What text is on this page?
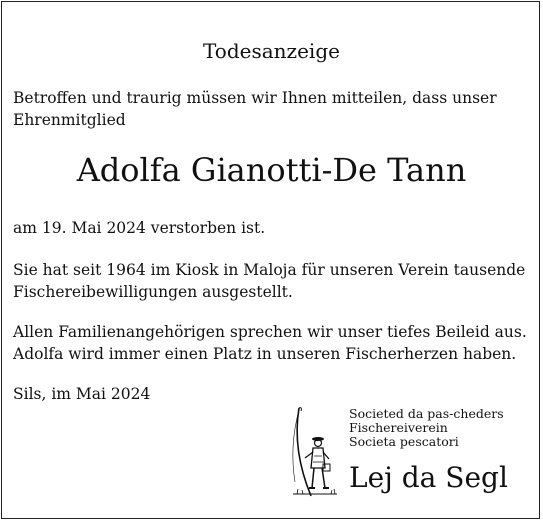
Todesanzeige
Betroffen und traurig müssen wir Ihnen mitteilen, dass unser
Ehrenmitglied
Adolfa Gianotti-De Tann
am 19. Mai 2024 verstorben ist.
Sie hat seit 1964 im Kiosk in Maloja für unseren Verein tausende
Fischereibewilligungen ausgestellt.
Allen Familienangehörigen sprechen wir unser tiefes Beileid aus.
Adolfa wird immer einen Platz in unseren Fischerherzen haben.
Sils, im Mai 2024
Societed da pas-cheders
Fischereiverein
Societa pescatori
Lej da Segl
